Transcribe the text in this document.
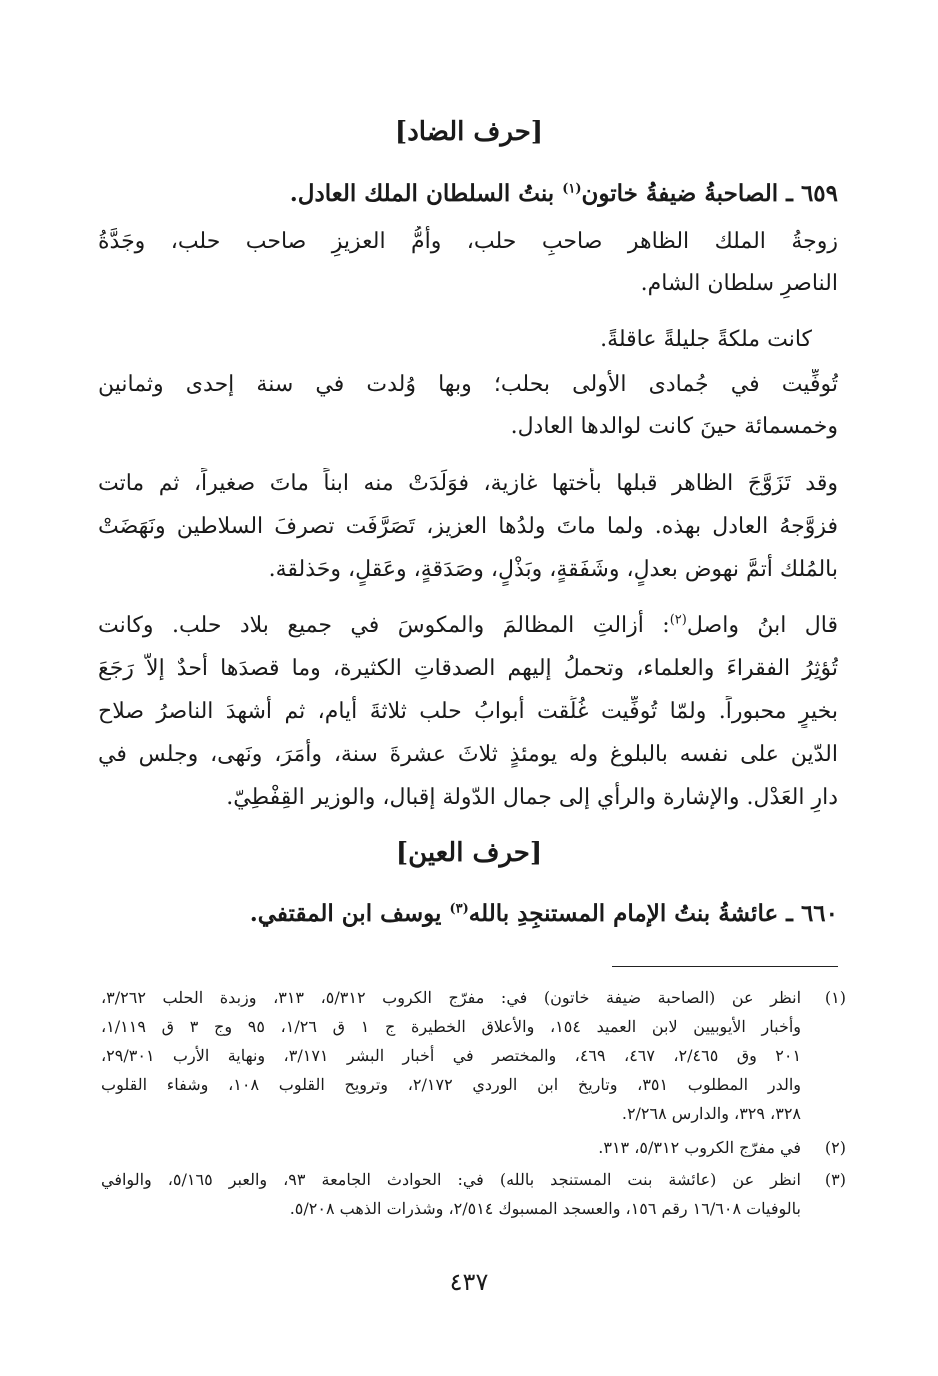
[حرف الضاد]
٦٥٩ ـ الصاحبةُ ضيفةُ خاتون$^{(١)}$ بنتُ السلطان الملك العادل.
زوجةُ الملك الظاهر صاحبِ حلب، وأمُّ العزيزِ صاحب حلب، وجَدَّةُ
الناصرِ سلطان الشام.
كانت ملكةً جليلةً عاقلةً.
تُوفِّيت في جُمادى الأولى بحلب؛ وبها وُلدت في سنة إحدى وثمانين
وخمسمائة حينَ كانت لوالدها العادل.
وقد تَزَوَّجَ الظاهر قبلها بأختها غازية، فوَلَدَتْ منه ابناً ماتَ صغيراً، ثم ماتت
فزوَّجهُ العادل بهذه. ولما ماتَ ولدُها العزيز، تَصَرَّفَت تصرفَ السلاطين ونَهَضَتْ
بالمُلك أتمَّ نهوض بعدلٍ، وشَفَقةٍ، وبَذْلٍ، وصَدَقةٍ، وعَقلٍ، وحَذلقة.
قال ابنُ واصل$^{(٢)}$: أزالتِ المظالمَ والمكوسَ في جميع بلاد حلب. وكانت
تُؤثِرُ الفقراءَ والعلماء، وتحملُ إليهم الصدقاتِ الكثيرة، وما قصدَها أحدٌ إلاّ رَجَعَ
بخيرٍ محبوراً. ولمّا تُوفِّيت غُلِّقت أبوابُ حلب ثلاثةَ أيام، ثم أشهدَ الناصرُ صلاح
الدّين على نفسه بالبلوغ وله يومئذٍ ثلاثَ عشرةَ سنة، وأمَرَ، ونَهى، وجلس في
دارِ العَدْل. والإشارة والرأي إلى جمال الدّولة إقبال، والوزير القِفْطِيّ.
[حرف العين]
٦٦٠ ـ عائشةُ بنتُ الإمام المستنجِدِ بالله$^{(٣)}$ يوسف ابن المقتفي.
(١)
انظر عن (الصاحبة ضيفة خاتون) في: مفرّج الكروب ٥/٣١٢، ٣١٣، وزبدة الحلب ٣/٢٦٢،
وأخبار الأيوبيين لابن العميد ١٥٤، والأعلاق الخطيرة ج ١ ق ١/٢٦، ٩٥ وج ٣ ق ١/١١٩،
٢٠١ وق ٢/٤٦٥، ٤٦٧، ٤٦٩، والمختصر في أخبار البشر ٣/١٧١، ونهاية الأرب ٢٩/٣٠١،
والدر المطلوب ٣٥١، وتاريخ ابن الوردي ٢/١٧٢، وترويح القلوب ١٠٨، وشفاء القلوب
٣٢٨، ٣٢٩، والدارس ٢/٢٦٨.
(٢)
في مفرّج الكروب ٥/٣١٢، ٣١٣.
(٣)
انظر عن (عائشة بنت المستنجد بالله) في: الحوادث الجامعة ٩٣، والعبر ٥/١٦٥، والوافي
بالوفيات ١٦/٦٠٨ رقم ١٥٦، والعسجد المسبوك ٢/٥١٤، وشذرات الذهب ٥/٢٠٨.
٤٣٧
